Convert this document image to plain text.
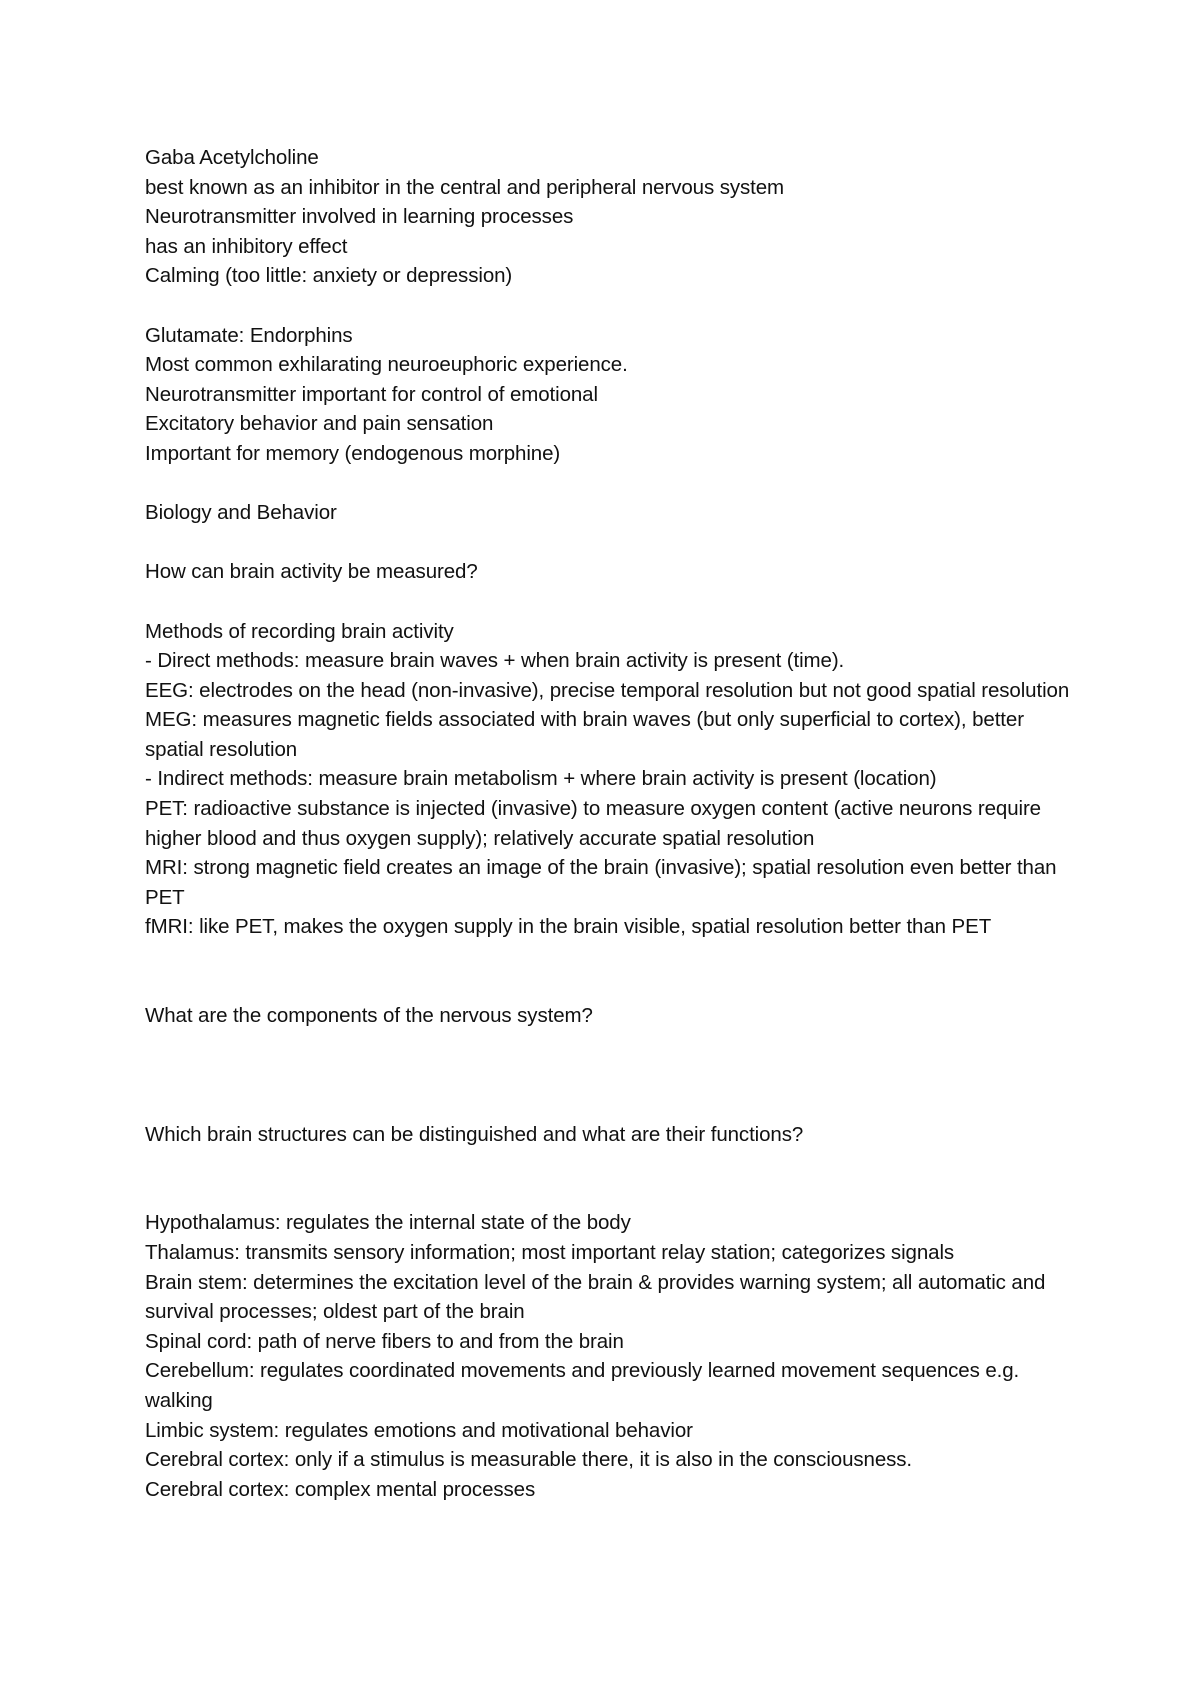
Gaba Acetylcholine

best known as an inhibitor in the central and peripheral nervous system

Neurotransmitter involved in learning processes

has an inhibitory effect

Calming (too little: anxiety or depression)

Glutamate: Endorphins

Most common exhilarating neuroeuphoric experience.

Neurotransmitter important for control of emotional

Excitatory behavior and pain sensation

Important for memory (endogenous morphine)

Biology and Behavior

How can brain activity be measured?

Methods of recording brain activity

- Direct methods: measure brain waves + when brain activity is present (time).

EEG: electrodes on the head (non-invasive), precise temporal resolution but not good spatial resolution

MEG: measures magnetic fields associated with brain waves (but only superficial to cortex), better spatial resolution

- Indirect methods: measure brain metabolism + where brain activity is present (location)

PET: radioactive substance is injected (invasive) to measure oxygen content (active neurons require higher blood and thus oxygen supply); relatively accurate spatial resolution

MRI: strong magnetic field creates an image of the brain (invasive); spatial resolution even better than PET

fMRI: like PET, makes the oxygen supply in the brain visible, spatial resolution better than PET

What are the components of the nervous system?

Which brain structures can be distinguished and what are their functions?

Hypothalamus: regulates the internal state of the body

Thalamus: transmits sensory information; most important relay station; categorizes signals

Brain stem: determines the excitation level of the brain & provides warning system; all automatic and survival processes; oldest part of the brain

Spinal cord: path of nerve fibers to and from the brain

Cerebellum: regulates coordinated movements and previously learned movement sequences e.g. walking

Limbic system: regulates emotions and motivational behavior

Cerebral cortex: only if a stimulus is measurable there, it is also in the consciousness.

Cerebral cortex: complex mental processes
